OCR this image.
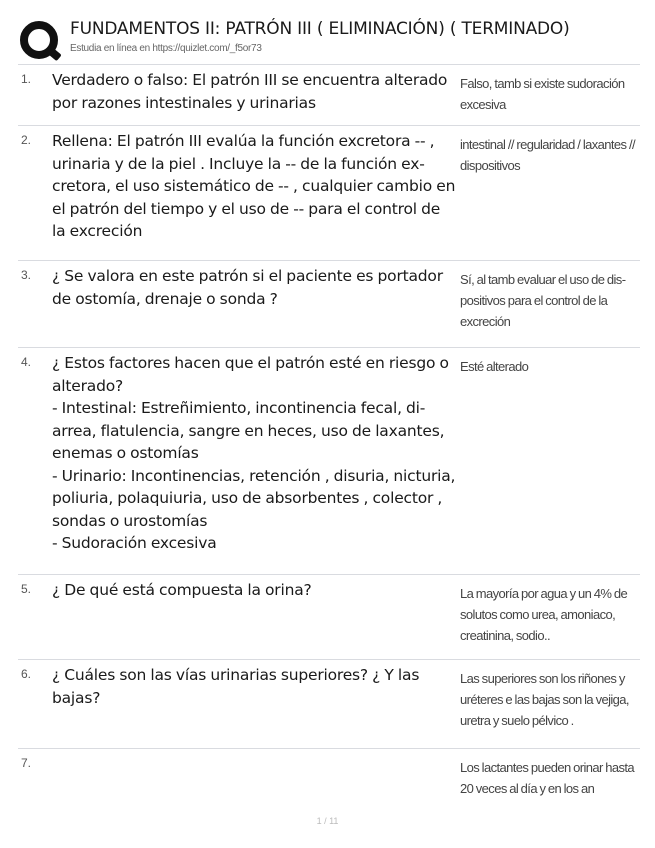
FUNDAMENTOS II: PATRÓN III ( ELIMINACIÓN) ( TERMINADO)
Estudia en línea en https://quizlet.com/_f5or73
1. Verdadero o falso: El patrón III se encuentra alterado por razones intestinales y urinarias
Falso, tamb si existe sudoración excesiva
2. Rellena: El patrón III evalúa la función excretora -- , urinaria y de la piel . Incluye la -- de la función excretora, el uso sistemático de -- , cualquier cambio en el patrón del tiempo y el uso de -- para el control de la excreción
intestinal // regularidad / laxantes // dispositivos
3. ¿ Se valora en este patrón si el paciente es portador de ostomía, drenaje o sonda ?
Sí, al tamb evaluar el uso de dispositivos para el control de la excreción
4. ¿ Estos factores hacen que el patrón esté en riesgo o alterado?
- Intestinal: Estreñimiento, incontinencia fecal, diarrea, flatulencia, sangre en heces, uso de laxantes, enemas o ostomías
- Urinario: Incontinencias, retención , disuria, nicturia, poliuria, polaquiuria, uso de absorbentes , colector , sondas o urostomías
- Sudoración excesiva
Esté alterado
5. ¿ De qué está compuesta la orina?	La mayoría por agua y un 4% de solutos como urea, amoniaco, creatinina, sodio..
6. ¿ Cuáles son las vías urinarias superiores? ¿ Y las bajas?
Las superiores son los riñones y uréteres e las bajas son la vejiga, uretra y suelo pélvico .
7.	Los lactantes pueden orinar hasta 20 veces al día y en los an
1 / 11
